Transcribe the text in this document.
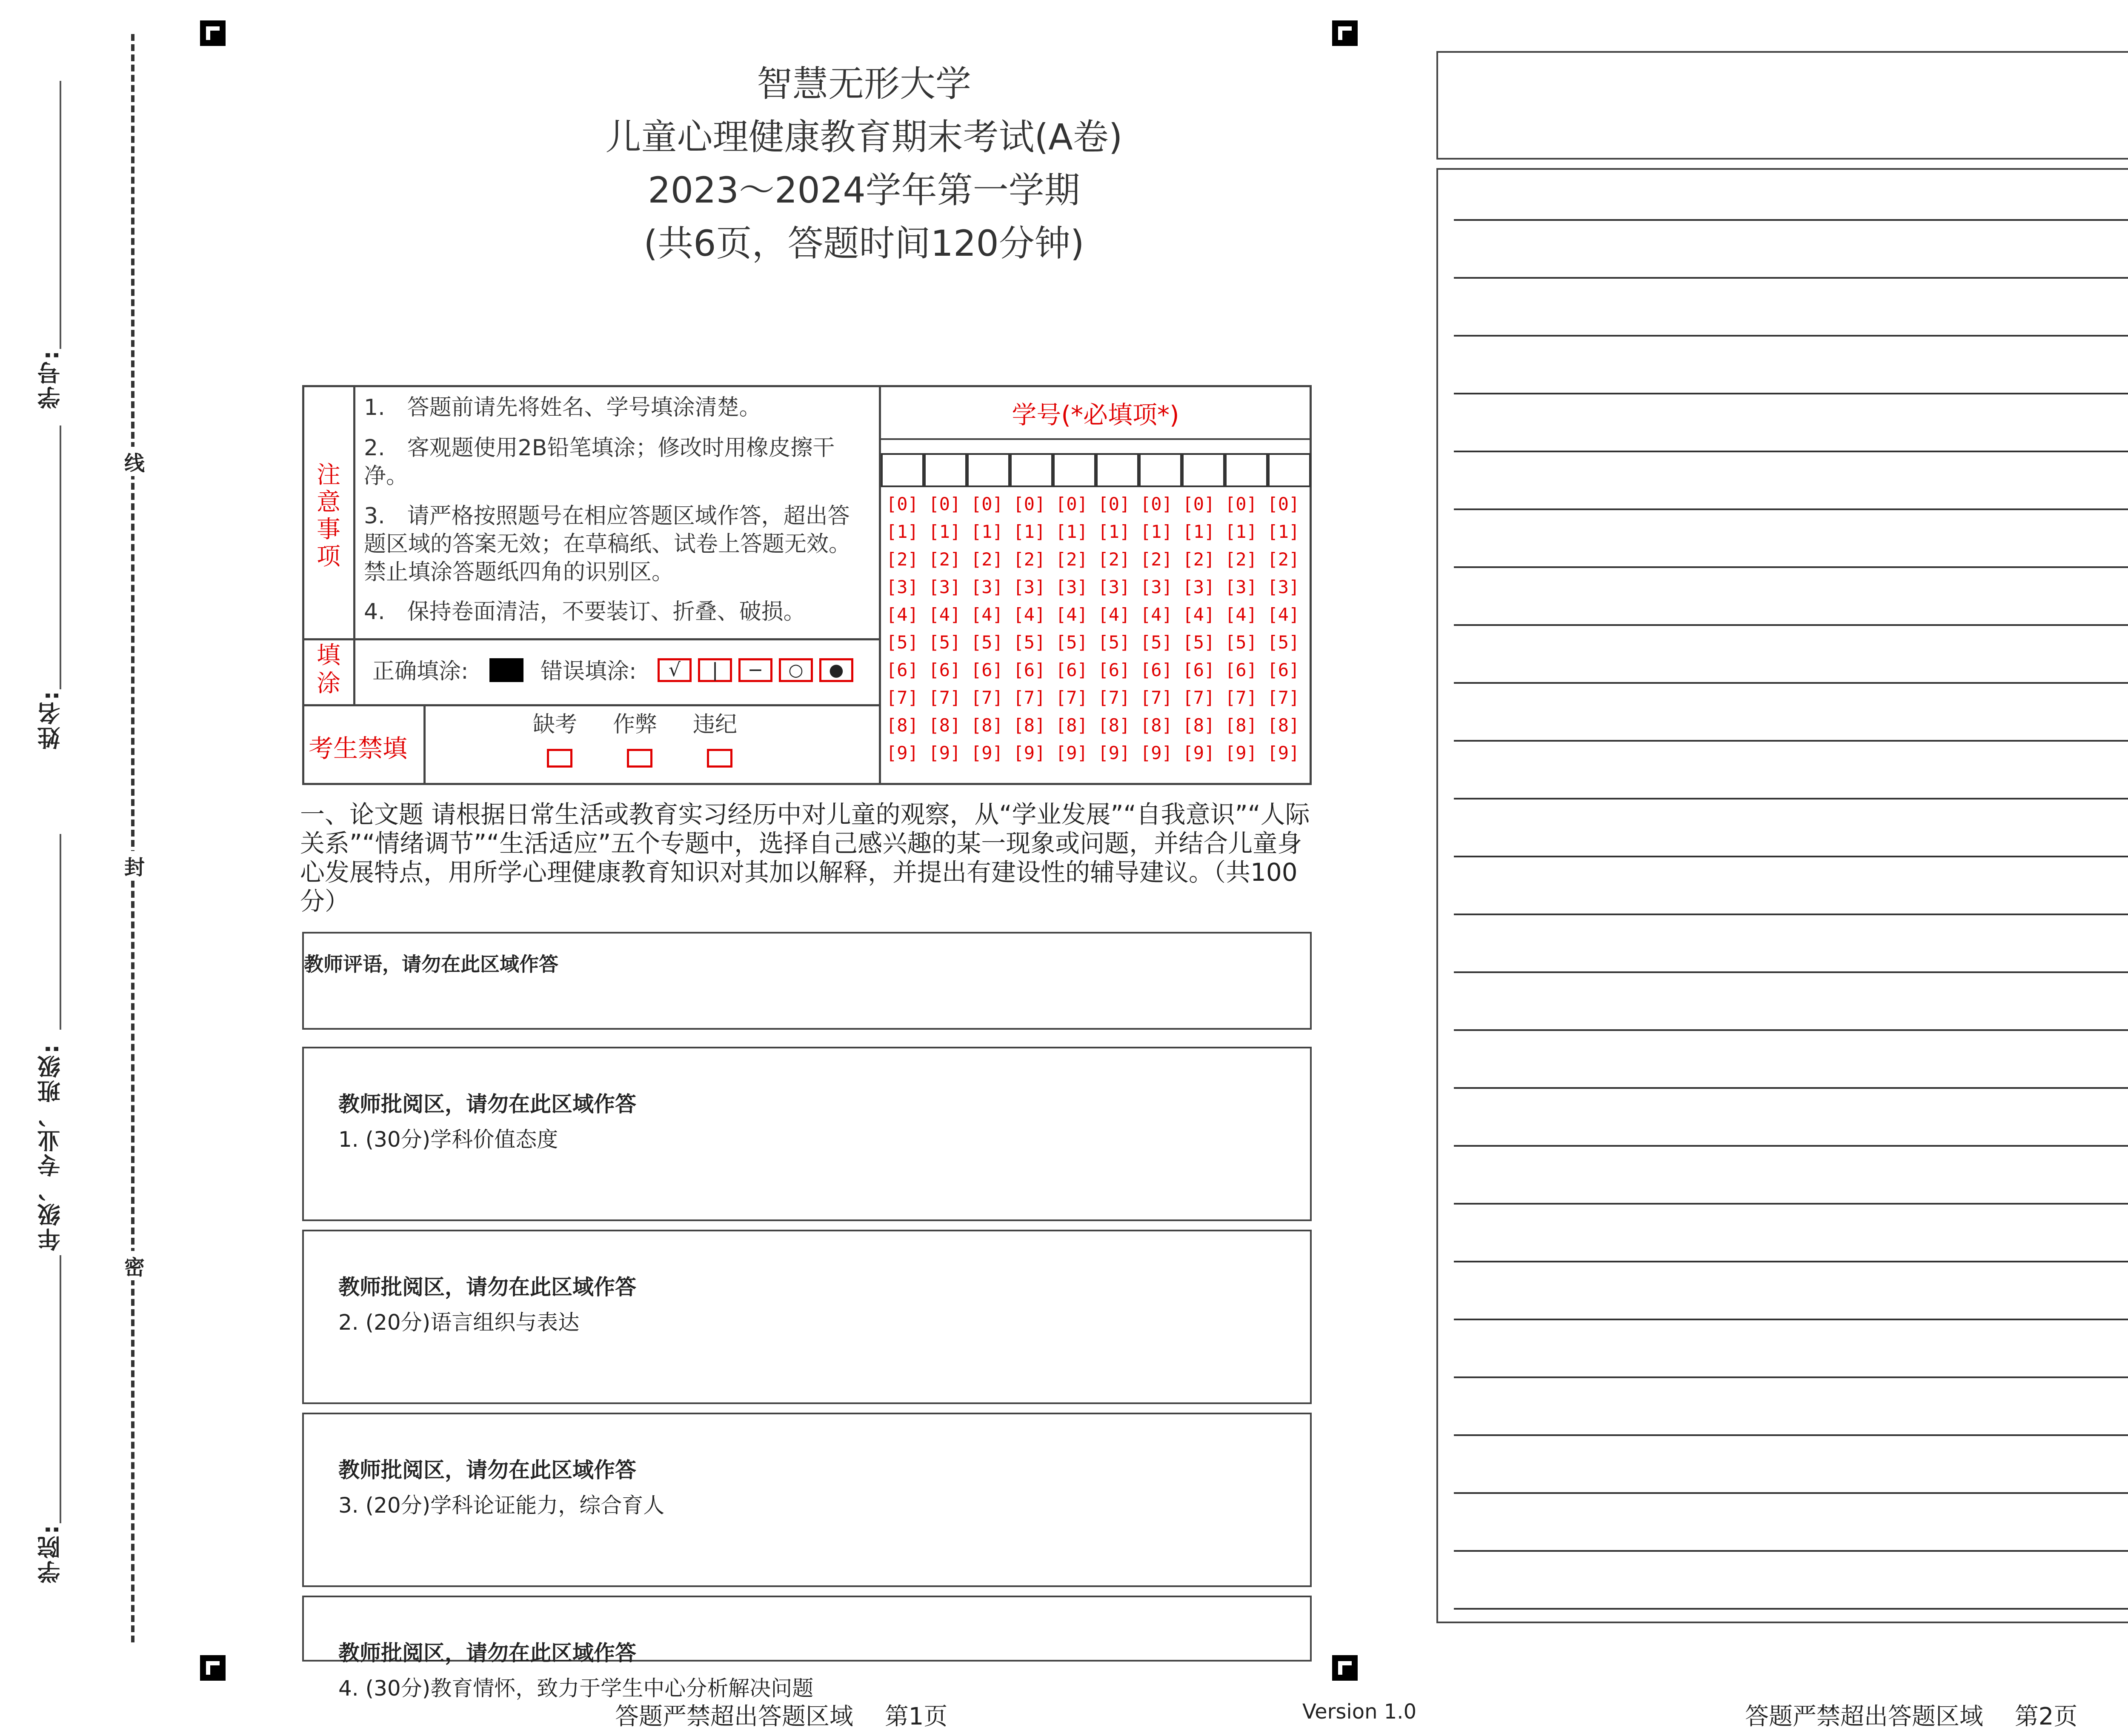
学号:
姓名:
年级、专业、班级:
学院:
线
封
密
智慧无形大学
儿童心理健康教育期末考试(A卷)
2023～2024学年第一学期
(共6页，答题时间120分钟)
注意事项
1.　答题前请先将姓名、学号填涂清楚。
2.　客观题使用2B铅笔填涂；修改时用橡皮擦干净。
3.　请严格按照题号在相应答题区域作答，超出答题区域的答案无效；在草稿纸、试卷上答题无效。禁止填涂答题纸四角的识别区。
4.　保持卷面清洁，不要装订、折叠、破损。
填涂 正确填涂:	错误填涂:	√	|	−	○	●
考生禁填
缺考 作弊 违纪
学号(*必填项*)
[0] [0] [0] [0] [0] [0] [0] [0] [0] [0]
[1] [1] [1] [1] [1] [1] [1] [1] [1] [1]
[2] [2] [2] [2] [2] [2] [2] [2] [2] [2]
[3] [3] [3] [3] [3] [3] [3] [3] [3] [3]
[4] [4] [4] [4] [4] [4] [4] [4] [4] [4]
[5] [5] [5] [5] [5] [5] [5] [5] [5] [5]
[6] [6] [6] [6] [6] [6] [6] [6] [6] [6]
[7] [7] [7] [7] [7] [7] [7] [7] [7] [7]
[8] [8] [8] [8] [8] [8] [8] [8] [8] [8]
[9] [9] [9] [9] [9] [9] [9] [9] [9] [9]
一、论文题 请根据日常生活或教育实习经历中对儿童的观察，从“学业发展”“自我意识”“人际关系”“情绪调节”“生活适应”五个专题中，选择自己感兴趣的某一现象或问题，并结合儿童身心发展特点，用所学心理健康教育知识对其加以解释，并提出有建设性的辅导建议。（共100分）
教师评语，请勿在此区域作答
教师批阅区，请勿在此区域作答
1. (30分)学科价值态度
教师批阅区，请勿在此区域作答
2. (20分)语言组织与表达
教师批阅区，请勿在此区域作答
3. (20分)学科论证能力，综合育人
教师批阅区，请勿在此区域作答
4. (30分)教育情怀，致力于学生中心分析解决问题
答题严禁超出答题区域　 第1页	Version 1.0	答题严禁超出答题区域　 第2页
